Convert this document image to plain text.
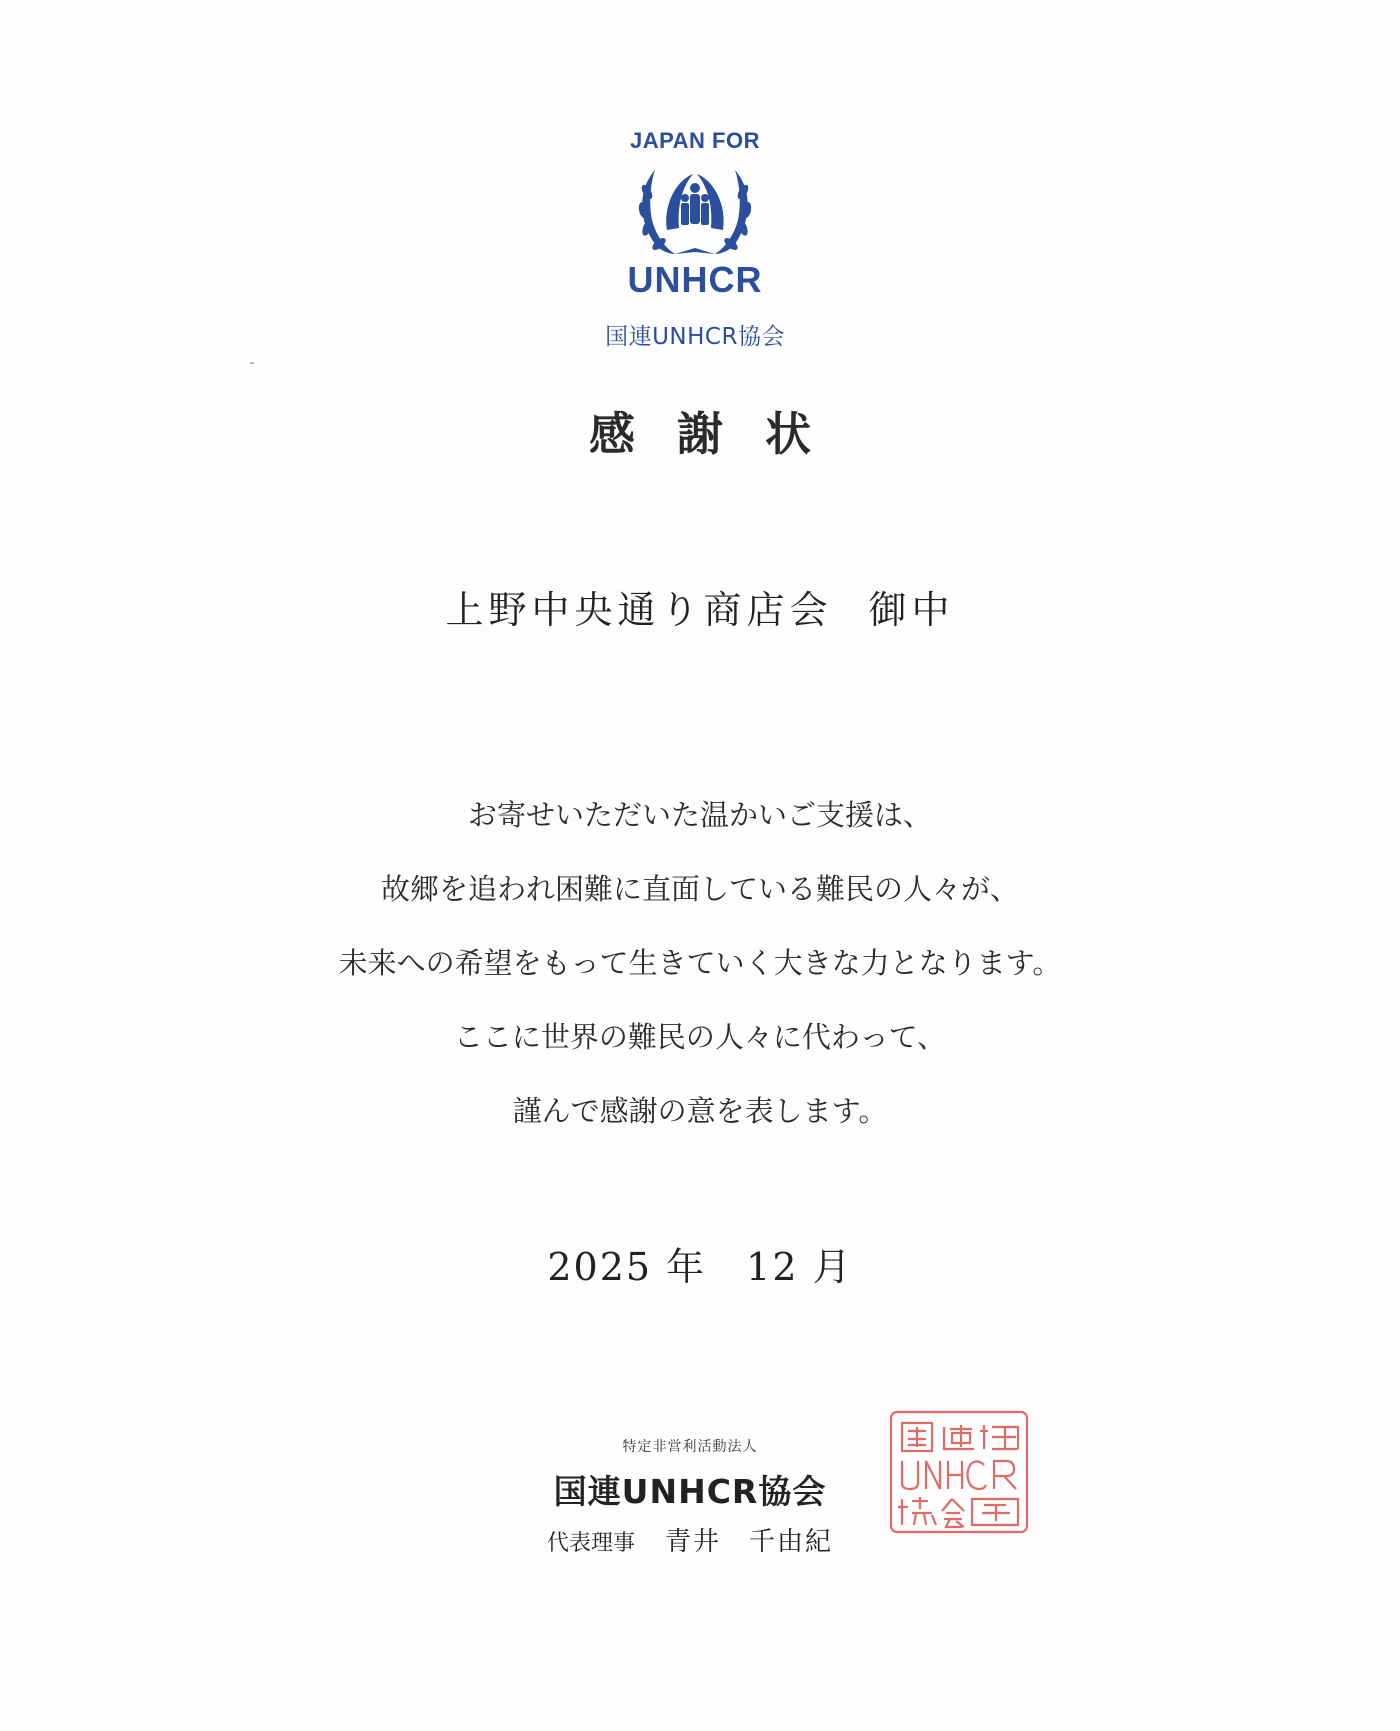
JAPAN FOR
UNHCR
国連UNHCR協会
感謝状
上野中央通り商店会 御中
お寄せいただいた温かいご支援は、
故郷を追われ困難に直面している難民の人々が、
未来への希望をもって生きていく大きな力となります。
ここに世界の難民の人々に代わって、
謹んで感謝の意を表します。
2025 年　12 月
特定非営利活動法人
国連UNHCR協会
代表理事 青井　千由紀
